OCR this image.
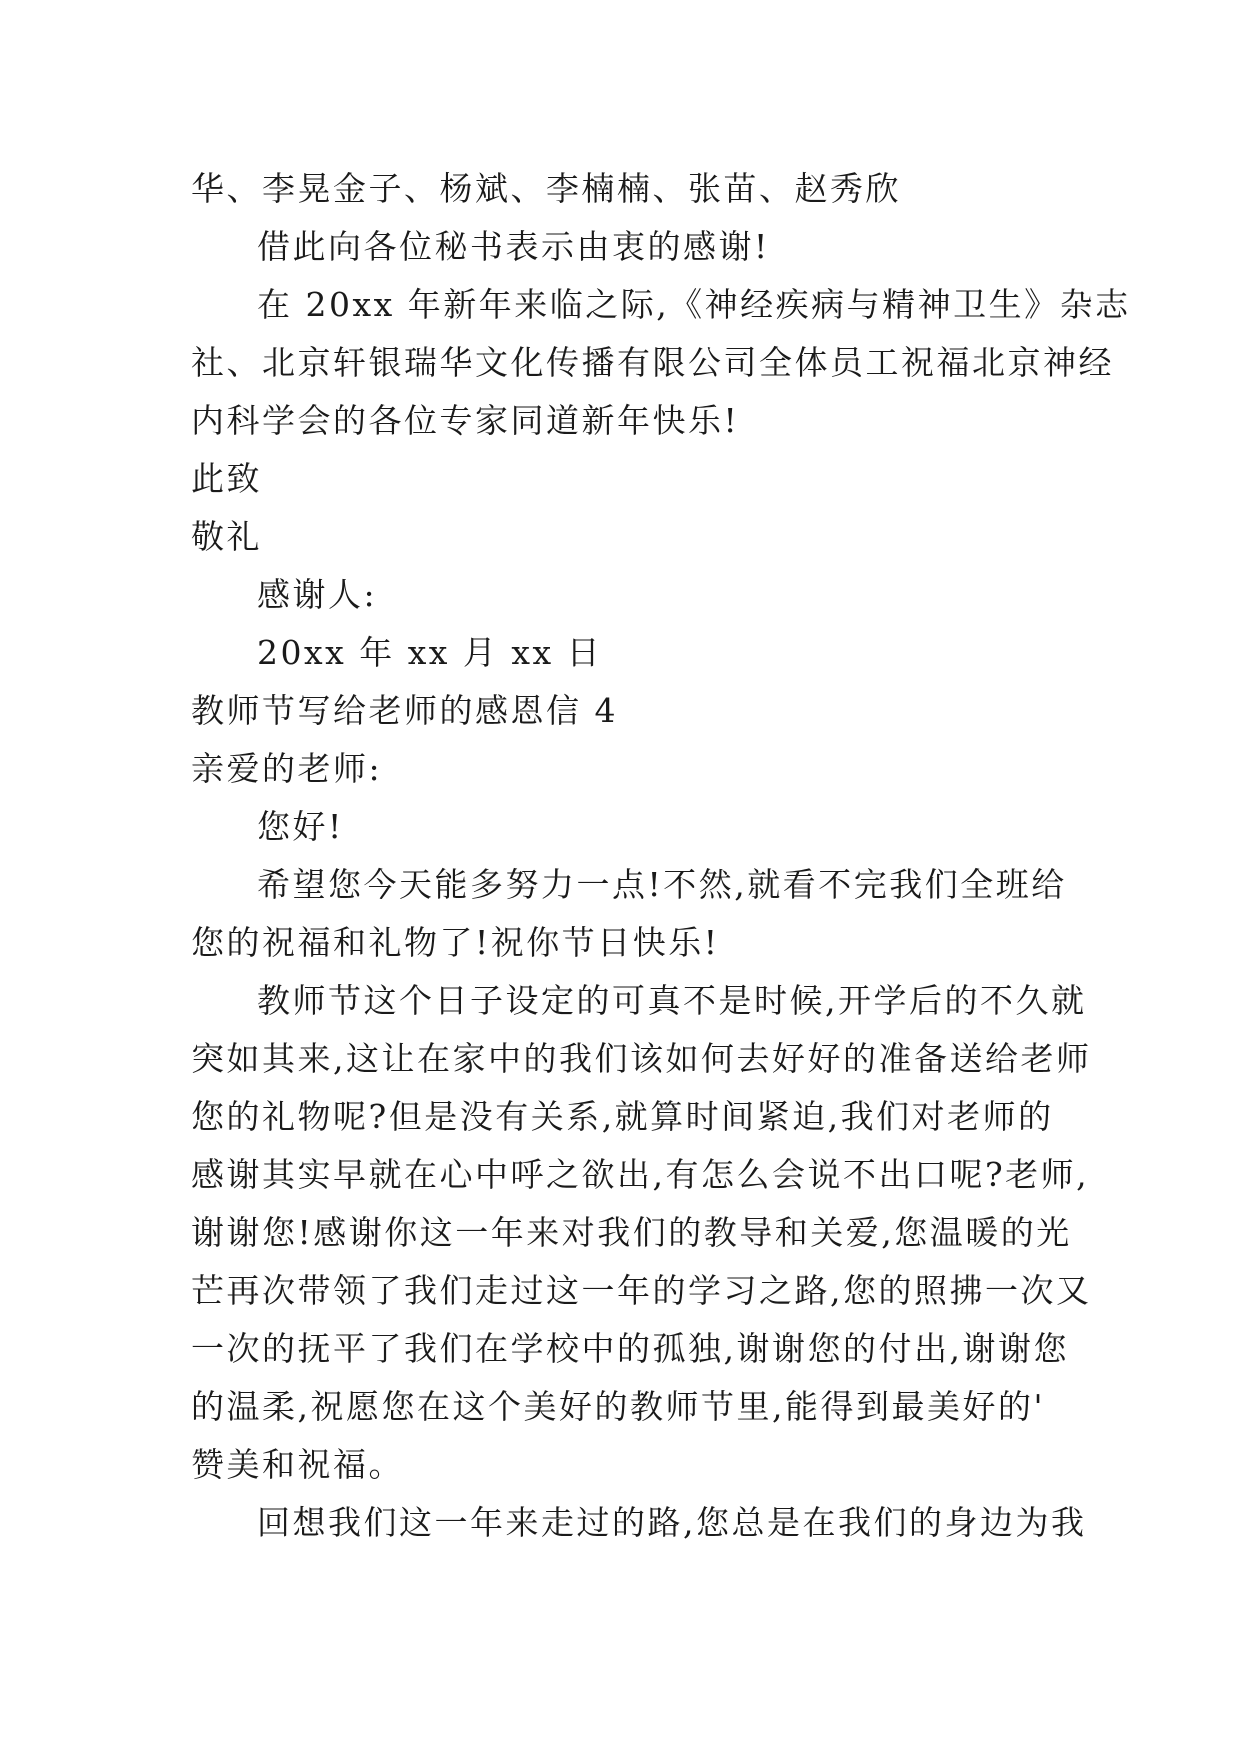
华、李晃金子、杨斌、李楠楠、张苗、赵秀欣
借此向各位秘书表示由衷的感谢!
在 20xx 年新年来临之际,《神经疾病与精神卫生》杂志
社、北京轩银瑞华文化传播有限公司全体员工祝福北京神经
内科学会的各位专家同道新年快乐!
此致
敬礼
感谢人:
20xx 年 xx 月 xx 日
教师节写给老师的感恩信 4
亲爱的老师:
您好!
希望您今天能多努力一点!不然,就看不完我们全班给
您的祝福和礼物了!祝你节日快乐!
教师节这个日子设定的可真不是时候,开学后的不久就
突如其来,这让在家中的我们该如何去好好的准备送给老师
您的礼物呢?但是没有关系,就算时间紧迫,我们对老师的
感谢其实早就在心中呼之欲出,有怎么会说不出口呢?老师,
谢谢您!感谢你这一年来对我们的教导和关爱,您温暖的光
芒再次带领了我们走过这一年的学习之路,您的照拂一次又
一次的抚平了我们在学校中的孤独,谢谢您的付出,谢谢您
的温柔,祝愿您在这个美好的教师节里,能得到最美好的'
赞美和祝福。
回想我们这一年来走过的路,您总是在我们的身边为我
